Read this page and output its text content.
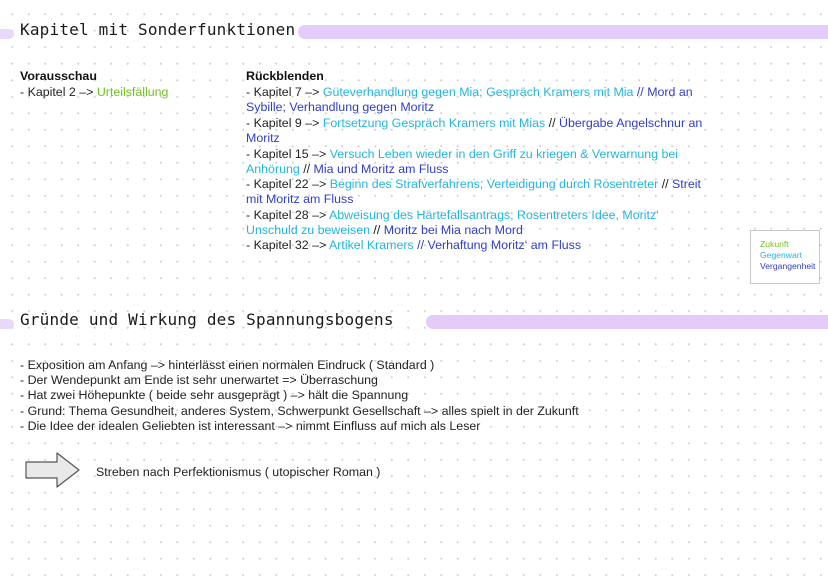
Kapitel mit Sonderfunktionen
Vorausschau
- Kapitel 2 –> Urteilsfällung
Rückblenden
- Kapitel 7 –> Güteverhandlung gegen Mia; Gespräch Kramers mit Mia // Mord an
Sybille; Verhandlung gegen Moritz
- Kapitel 9 –> Fortsetzung Gespräch Kramers mit Mias // Übergabe Angelschnur an
Moritz
- Kapitel 15 –> Versuch Leben wieder in den Griff zu kriegen & Verwarnung bei
Anhörung // Mia und Moritz am Fluss
- Kapitel 22 –> Beginn des Strafverfahrens; Verteidigung durch Rosentreter // Streit
mit Moritz am Fluss
- Kapitel 28 –> Abweisung des Härtefallsantrags; Rosentreters Idee, Moritz‘
Unschuld zu beweisen // Moritz bei Mia nach Mord
- Kapitel 32 –> Artikel Kramers // Verhaftung Moritz‘ am Fluss	Zukunft
Gegenwart
Vergangenheit
Gründe und Wirkung des Spannungsbogens
- Exposition am Anfang –> hinterlässt einen normalen Eindruck ( Standard )
- Der Wendepunkt am Ende ist sehr unerwartet => Überraschung
- Hat zwei Höhepunkte ( beide sehr ausgeprägt ) –> hält die Spannung
- Grund: Thema Gesundheit, anderes System, Schwerpunkt Gesellschaft –> alles spielt in der Zukunft
- Die Idee der idealen Geliebten ist interessant –> nimmt Einfluss auf mich als Leser
Streben nach Perfektionismus ( utopischer Roman )
